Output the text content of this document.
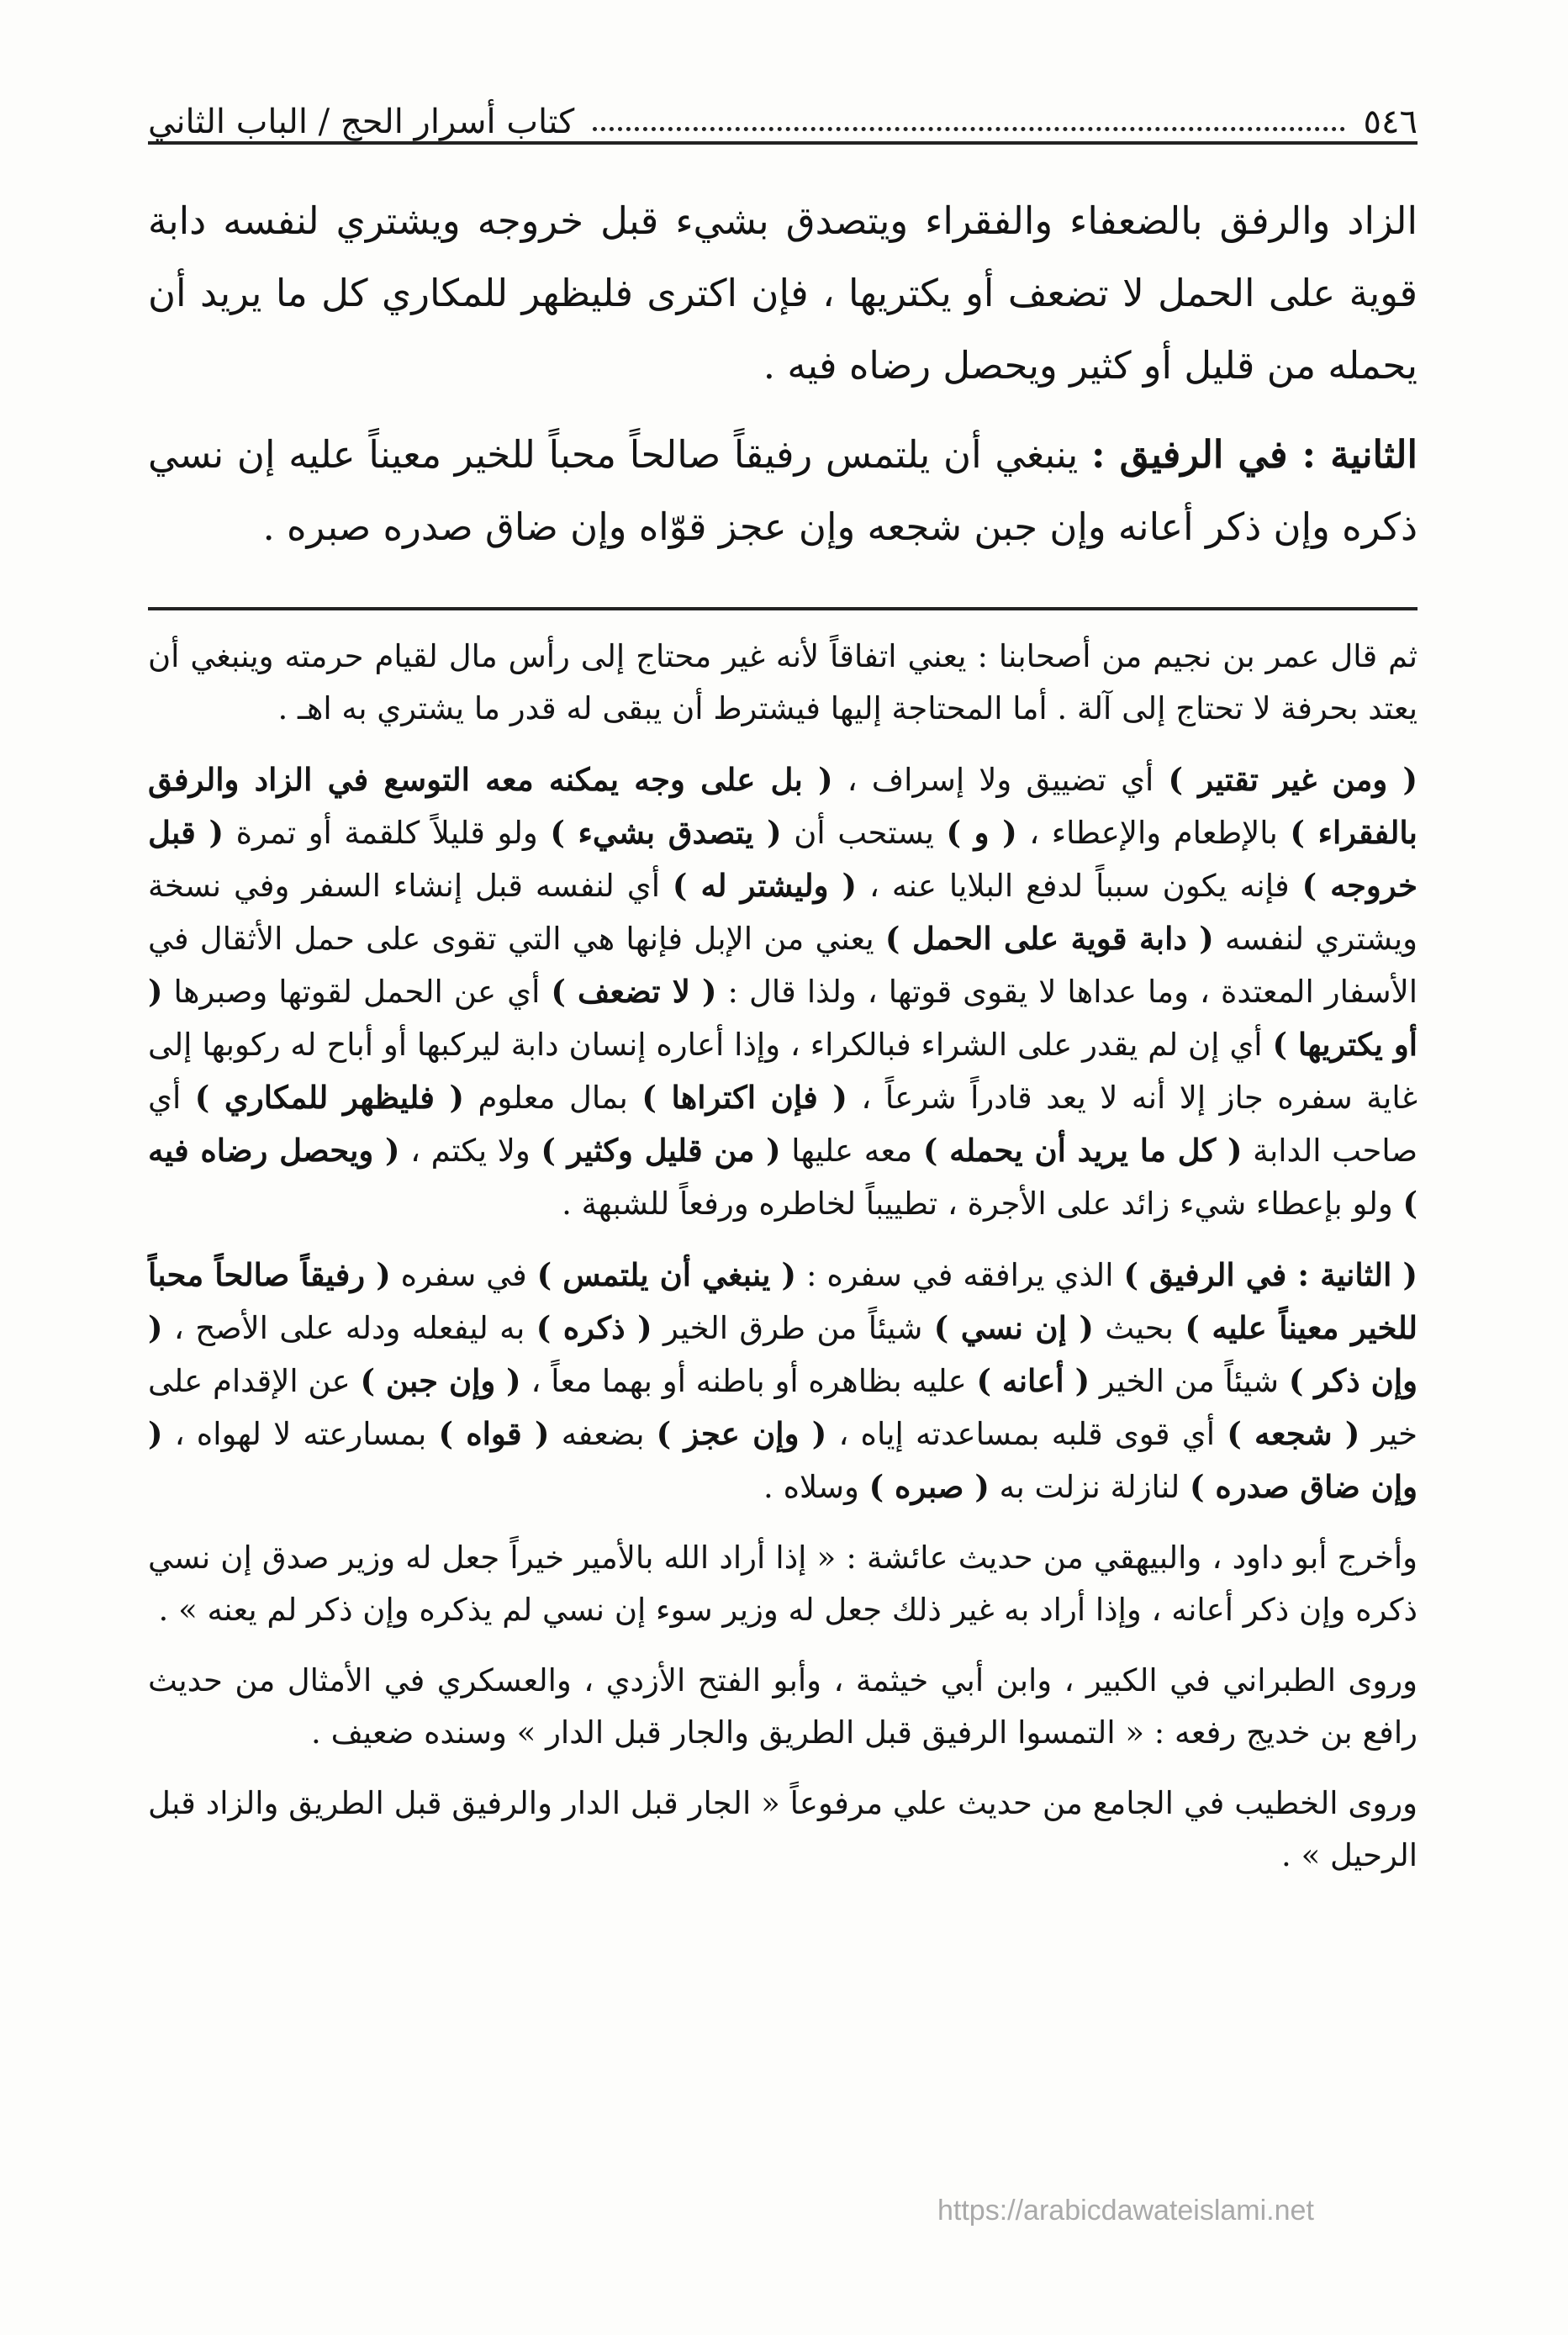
٥٤٦
كتاب أسرار الحج / الباب الثاني

الزاد والرفق بالضعفاء والفقراء ويتصدق بشيء قبل خروجه ويشتري لنفسه دابة قوية على الحمل لا تضعف أو يكتريها ، فإن اكترى فليظهر للمكاري كل ما يريد أن يحمله من قليل أو كثير ويحصل رضاه فيه .

الثانية : في الرفيق : ينبغي أن يلتمس رفيقاً صالحاً محباً للخير معيناً عليه إن نسي ذكره وإن ذكر أعانه وإن جبن شجعه وإن عجز قوّاه وإن ضاق صدره صبره .

ثم قال عمر بن نجيم من أصحابنا : يعني اتفاقاً لأنه غير محتاج إلى رأس مال لقيام حرمته وينبغي أن يعتد بحرفة لا تحتاج إلى آلة . أما المحتاجة إليها فيشترط أن يبقى له قدر ما يشتري به اهـ .

( ومن غير تقتير ) أي تضييق ولا إسراف ، ( بل على وجه يمكنه معه التوسع في الزاد والرفق بالفقراء ) بالإطعام والإعطاء ، ( و ) يستحب أن ( يتصدق بشيء ) ولو قليلاً كلقمة أو تمرة ( قبل خروجه ) فإنه يكون سبباً لدفع البلايا عنه ، ( وليشتر له ) أي لنفسه قبل إنشاء السفر وفي نسخة ويشتري لنفسه ( دابة قوية على الحمل ) يعني من الإبل فإنها هي التي تقوى على حمل الأثقال في الأسفار المعتدة ، وما عداها لا يقوى قوتها ، ولذا قال : ( لا تضعف ) أي عن الحمل لقوتها وصبرها ( أو يكتريها ) أي إن لم يقدر على الشراء فبالكراء ، وإذا أعاره إنسان دابة ليركبها أو أباح له ركوبها إلى غاية سفره جاز إلا أنه لا يعد قادراً شرعاً ، ( فإن اكتراها ) بمال معلوم ( فليظهر للمكاري ) أي صاحب الدابة ( كل ما يريد أن يحمله ) معه عليها ( من قليل وكثير ) ولا يكتم ، ( ويحصل رضاه فيه ) ولو بإعطاء شيء زائد على الأجرة ، تطييباً لخاطره ورفعاً للشبهة .

( الثانية : في الرفيق ) الذي يرافقه في سفره : ( ينبغي أن يلتمس ) في سفره ( رفيقاً صالحاً محباً للخير معيناً عليه ) بحيث ( إن نسي ) شيئاً من طرق الخير ( ذكره ) به ليفعله ودله على الأصح ، ( وإن ذكر ) شيئاً من الخير ( أعانه ) عليه بظاهره أو باطنه أو بهما معاً ، ( وإن جبن ) عن الإقدام على خير ( شجعه ) أي قوى قلبه بمساعدته إياه ، ( وإن عجز ) بضعفه ( قواه ) بمسارعته لا لهواه ، ( وإن ضاق صدره ) لنازلة نزلت به ( صبره ) وسلاه .

وأخرج أبو داود ، والبيهقي من حديث عائشة : « إذا أراد الله بالأمير خيراً جعل له وزير صدق إن نسي ذكره وإن ذكر أعانه ، وإذا أراد به غير ذلك جعل له وزير سوء إن نسي لم يذكره وإن ذكر لم يعنه » .

وروى الطبراني في الكبير ، وابن أبي خيثمة ، وأبو الفتح الأزدي ، والعسكري في الأمثال من حديث رافع بن خديج رفعه : « التمسوا الرفيق قبل الطريق والجار قبل الدار » وسنده ضعيف .

وروى الخطيب في الجامع من حديث علي مرفوعاً « الجار قبل الدار والرفيق قبل الطريق والزاد قبل الرحيل » .

https://arabicdawateislami.net
